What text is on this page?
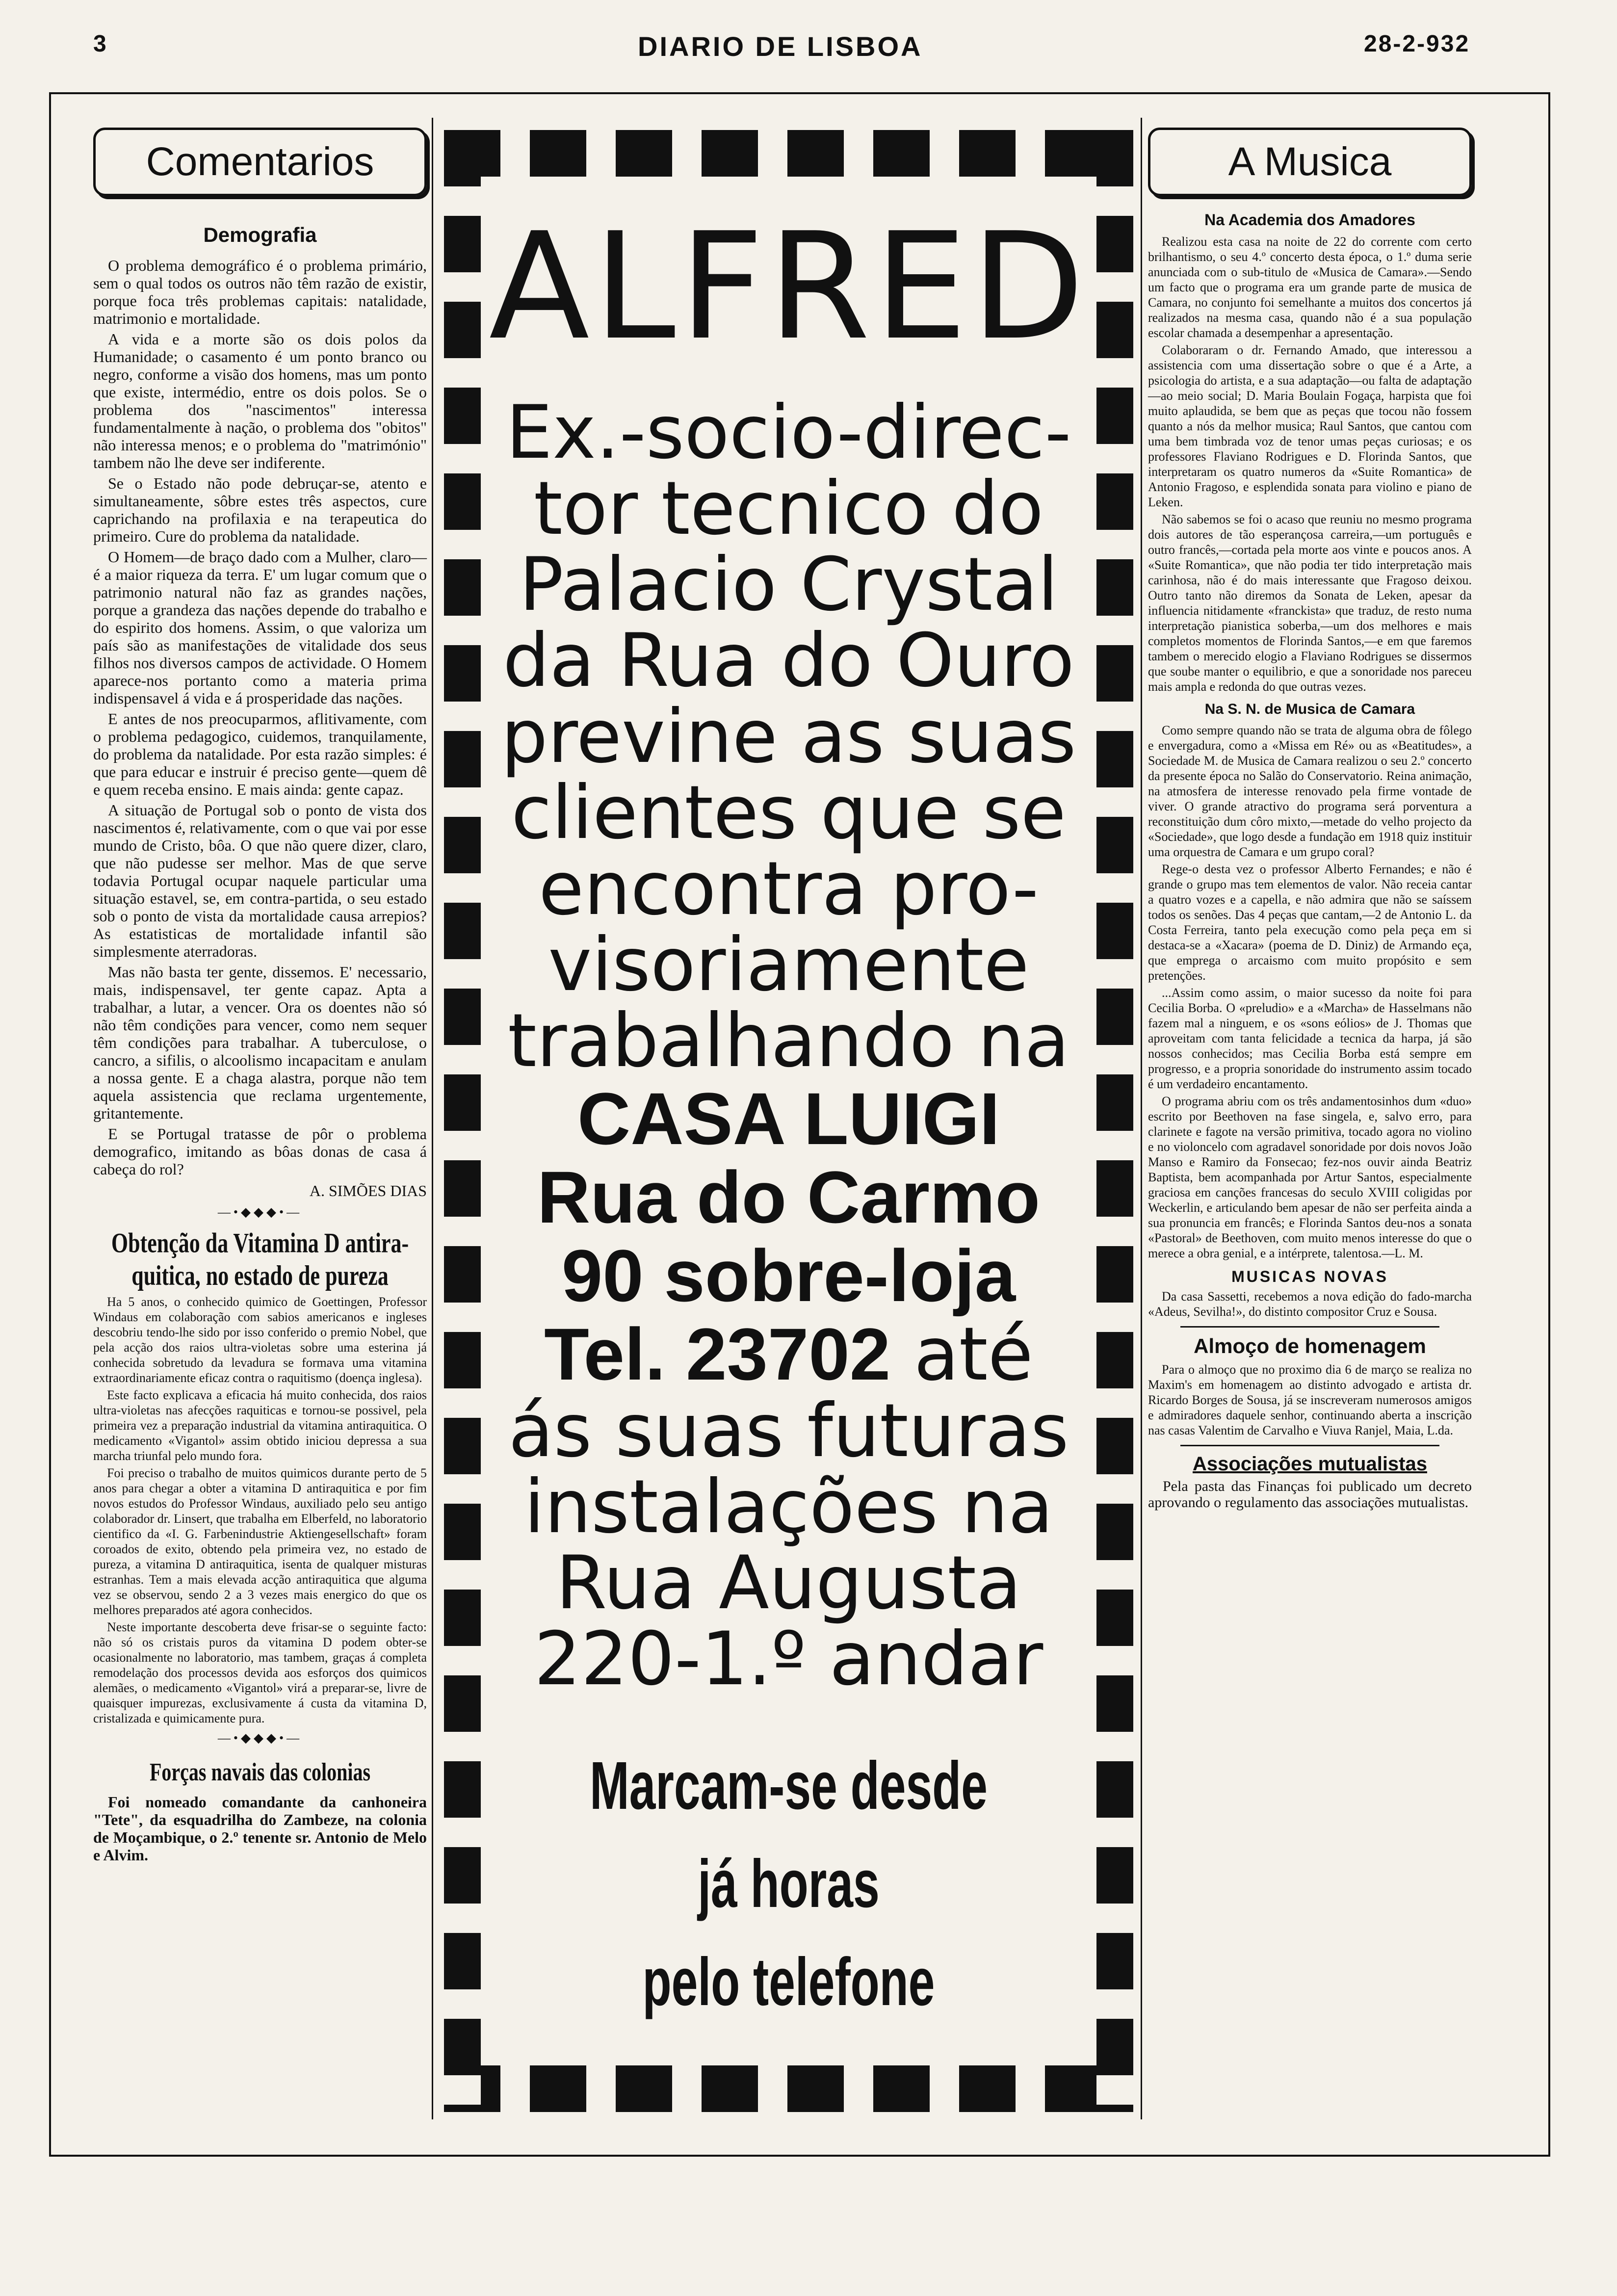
3	DIARIO DE LISBOA	28-2-932
Comentarios
Demografia

O problema demográfico é o problema primário, sem o qual todos os outros não têm razão de existir, porque foca três problemas capitais: natalidade, matrimonio e mortalidade.

A vida e a morte são os dois polos da Humanidade; o casamento é um ponto branco ou negro, conforme a visão dos homens, mas um ponto que existe, intermédio, entre os dois polos. Se o problema dos "nascimentos" interessa fundamentalmente à nação, o problema dos "obitos" não interessa menos; e o problema do "matrimónio" tambem não lhe deve ser indiferente.

Se o Estado não pode debruçar-se, atento e simultaneamente, sôbre estes três aspectos, cure caprichando na profilaxia e na terapeutica do primeiro. Cure do problema da natalidade.

O Homem—de braço dado com a Mulher, claro—é a maior riqueza da terra. E' um lugar comum que o patrimonio natural não faz as grandes nações, porque a grandeza das nações depende do trabalho e do espirito dos homens. Assim, o que valoriza um país são as manifestações de vitalidade dos seus filhos nos diversos campos de actividade. O Homem aparece-nos portanto como a materia prima indispensavel á vida e á prosperidade das nações.

E antes de nos preocuparmos, aflitivamente, com o problema pedagogico, cuidemos, tranquilamente, do problema da natalidade. Por esta razão simples: é que para educar e instruir é preciso gente—quem dê e quem receba ensino. E mais ainda: gente capaz.

A situação de Portugal sob o ponto de vista dos nascimentos é, relativamente, com o que vai por esse mundo de Cristo, bôa. O que não quere dizer, claro, que não pudesse ser melhor. Mas de que serve todavia Portugal ocupar naquele particular uma situação estavel, se, em contra-partida, o seu estado sob o ponto de vista da mortalidade causa arrepios? As estatisticas de mortalidade infantil são simplesmente aterradoras.

Mas não basta ter gente, dissemos. E' necessario, mais, indispensavel, ter gente capaz. Apta a trabalhar, a lutar, a vencer. Ora os doentes não só não têm condições para vencer, como nem sequer têm condições para trabalhar. A tuberculose, o cancro, a sifilis, o alcoolismo incapacitam e anulam a nossa gente. E a chaga alastra, porque não tem aquela assistencia que reclama urgentemente, gritantemente.

E se Portugal tratasse de pôr o problema demografico, imitando as bôas donas de casa á cabeça do rol?

A. SIMÕES DIAS
—•◆◆◆•—
Obtenção da Vitamina D antiraquitica, no estado de pureza

Ha 5 anos, o conhecido quimico de Goettingen, Professor Windaus em colaboração com sabios americanos e ingleses descobriu tendo-lhe sido por isso conferido o premio Nobel, que pela acção dos raios ultra-violetas sobre uma esterina já conhecida sobretudo da levadura se formava uma vitamina extraordinariamente eficaz contra o raquitismo (doença inglesa).

Este facto explicava a eficacia há muito conhecida, dos raios ultra-violetas nas afecções raquiticas e tornou-se possivel, pela primeira vez a preparação industrial da vitamina antiraquitica. O medicamento «Vigantol» assim obtido iniciou depressa a sua marcha triunfal pelo mundo fora.

Foi preciso o trabalho de muitos quimicos durante perto de 5 anos para chegar a obter a vitamina D antiraquitica e por fim novos estudos do Professor Windaus, auxiliado pelo seu antigo colaborador dr. Linsert, que trabalha em Elberfeld, no laboratorio cientifico da «I. G. Farbenindustrie Aktiengesellschaft» foram coroados de exito, obtendo pela primeira vez, no estado de pureza, a vitamina D antiraquitica, isenta de qualquer misturas estranhas. Tem a mais elevada acção antiraquitica que alguma vez se observou, sendo 2 a 3 vezes mais energico do que os melhores preparados até agora conhecidos.

Neste importante descoberta deve frisar-se o seguinte facto: não só os cristais puros da vitamina D podem obter-se ocasionalmente no laboratorio, mas tambem, graças á completa remodelação dos processos devida aos esforços dos quimicos alemães, o medicamento «Vigantol» virá a preparar-se, livre de quaisquer impurezas, exclusivamente á custa da vitamina D, cristalizada e quimicamente pura.

—•◆◆◆•—
Forças navais das colonias

Foi nomeado comandante da canhoneira "Tete", da esquadrilha do Zambeze, na colonia de Moçambique, o 2.º tenente sr. Antonio de Melo e Alvim.

ALFRED
Ex.-socio-direc-
tor tecnico do
Palacio Crystal
da Rua do Ouro
previne as suas
clientes que se
encontra pro-
visoriamente
trabalhando na
CASA LUIGI
Rua do Carmo
90 sobre-loja
Tel. 23702 até
ás suas futuras
instalações na
Rua Augusta
220-1.º andar
Marcam-se desde já horas
pelo telefone
A Musica
Na Academia dos Amadores

Realizou esta casa na noite de 22 do corrente com certo brilhantismo, o seu 4.º concerto desta época, o 1.º duma serie anunciada com o sub-titulo de «Musica de Camara».—Sendo um facto que o programa era um grande parte de musica de Camara, no conjunto foi semelhante a muitos dos concertos já realizados na mesma casa, quando não é a sua população escolar chamada a desempenhar a apresentação.

Colaboraram o dr. Fernando Amado, que interessou a assistencia com uma dissertação sobre o que é a Arte, a psicologia do artista, e a sua adaptação—ou falta de adaptação—ao meio social; D. Maria Boulain Fogaça, harpista que foi muito aplaudida, se bem que as peças que tocou não fossem quanto a nós da melhor musica; Raul Santos, que cantou com uma bem timbrada voz de tenor umas peças curiosas; e os professores Flaviano Rodrigues e D. Florinda Santos, que interpretaram os quatro numeros da «Suite Romantica» de Antonio Fragoso, e esplendida sonata para violino e piano de Leken.

Não sabemos se foi o acaso que reuniu no mesmo programa dois autores de tão esperançosa carreira,—um português e outro francês,—cortada pela morte aos vinte e poucos anos. A «Suite Romantica», que não podia ter tido interpretação mais carinhosa, não é do mais interessante que Fragoso deixou. Outro tanto não diremos da Sonata de Leken, apesar da influencia nitidamente «franckista» que traduz, de resto numa interpretação pianistica soberba,—um dos melhores e mais completos momentos de Florinda Santos,—e em que faremos tambem o merecido elogio a Flaviano Rodrigues se dissermos que soube manter o equilibrio, e que a sonoridade nos pareceu mais ampla e redonda do que outras vezes.

Na S. N. de Musica de Camara

Como sempre quando não se trata de alguma obra de fôlego e envergadura, como a «Missa em Ré» ou as «Beatitudes», a Sociedade M. de Musica de Camara realizou o seu 2.º concerto da presente época no Salão do Conservatorio. Reina animação, na atmosfera de interesse renovado pela firme vontade de viver. O grande atractivo do programa será porventura a reconstituição dum côro mixto,—metade do velho projecto da «Sociedade», que logo desde a fundação em 1918 quiz instituir uma orquestra de Camara e um grupo coral?

Rege-o desta vez o professor Alberto Fernandes; e não é grande o grupo mas tem elementos de valor. Não receia cantar a quatro vozes e a capella, e não admira que não se saíssem todos os senões. Das 4 peças que cantam,—2 de Antonio L. da Costa Ferreira, tanto pela execução como pela peça em si destaca-se a «Xacara» (poema de D. Diniz) de Armando eça, que emprega o arcaismo com muito propósito e sem pretenções.

...Assim como assim, o maior sucesso da noite foi para Cecilia Borba. O «preludio» e a «Marcha» de Hasselmans não fazem mal a ninguem, e os «sons eólios» de J. Thomas que aproveitam com tanta felicidade a tecnica da harpa, já são nossos conhecidos; mas Cecilia Borba está sempre em progresso, e a propria sonoridade do instrumento assim tocado é um verdadeiro encantamento.

O programa abriu com os três andamentosinhos dum «duo» escrito por Beethoven na fase singela, e, salvo erro, para clarinete e fagote na versão primitiva, tocado agora no violino e no violoncelo com agradavel sonoridade por dois novos João Manso e Ramiro da Fonsecao; fez-nos ouvir ainda Beatriz Baptista, bem acompanhada por Artur Santos, especialmente graciosa em canções francesas do seculo XVIII coligidas por Weckerlin, e articulando bem apesar de não ser perfeita ainda a sua pronuncia em francês; e Florinda Santos deu-nos a sonata «Pastoral» de Beethoven, com muito menos interesse do que o merece a obra genial, e a intérprete, talentosa.—L. M.

MUSICAS NOVAS

Da casa Sassetti, recebemos a nova edição do fado-marcha «Adeus, Sevilha!», do distinto compositor Cruz e Sousa.

Almoço de homenagem

Para o almoço que no proximo dia 6 de março se realiza no Maxim's em homenagem ao distinto advogado e artista dr. Ricardo Borges de Sousa, já se inscreveram numerosos amigos e admiradores daquele senhor, continuando aberta a inscrição nas casas Valentim de Carvalho e Viuva Ranjel, Maia, L.da.

Associações mutualistas

Pela pasta das Finanças foi publicado um decreto aprovando o regulamento das associações mutualistas.
